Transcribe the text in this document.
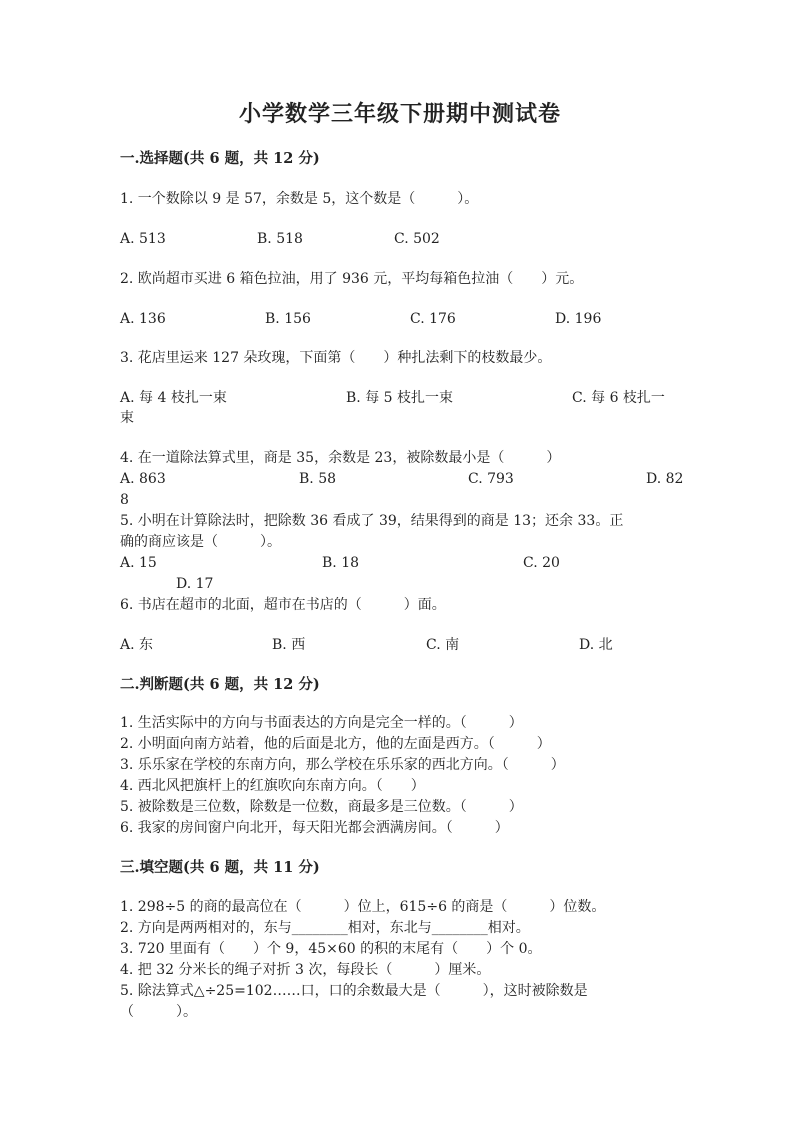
小学数学三年级下册期中测试卷
一.选择题(共 6 题，共 12 分)
1. 一个数除以 9 是 57，余数是 5，这个数是（　　　）。
A. 513	B. 518	C. 502
2. 欧尚超市买进 6 箱色拉油，用了 936 元，平均每箱色拉油（　　）元。
A. 136	B. 156	C. 176	D. 196
3. 花店里运来 127 朵玫瑰，下面第（　　）种扎法剩下的枝数最少。
A. 每 4 枝扎一束	B. 每 5 枝扎一束	C. 每 6 枝扎一
束
4. 在一道除法算式里，商是 35，余数是 23，被除数最小是（　　　）
A. 863	B. 58	C. 793	D. 82
8
5. 小明在计算除法时，把除数 36 看成了 39，结果得到的商是 13；还余 33。正
确的商应该是（　　　）。
A. 15	B. 18	C. 20
D. 17
6. 书店在超市的北面，超市在书店的（　　　）面。
A. 东	B. 西	C. 南	D. 北
二.判断题(共 6 题，共 12 分)
1. 生活实际中的方向与书面表达的方向是完全一样的。（　　　）
2. 小明面向南方站着，他的后面是北方，他的左面是西方。（　　　）
3. 乐乐家在学校的东南方向，那么学校在乐乐家的西北方向。（　　　）
4. 西北风把旗杆上的红旗吹向东南方向。（　　）
5. 被除数是三位数，除数是一位数，商最多是三位数。（　　　）
6. 我家的房间窗户向北开，每天阳光都会洒满房间。（　　　）
三.填空题(共 6 题，共 11 分)
1. 298÷5 的商的最高位在（　　　）位上，615÷6 的商是（　　　）位数。
2. 方向是两两相对的，东与________相对，东北与________相对。
3. 720 里面有（　　）个 9，45×60 的积的末尾有（　　）个 0。
4. 把 32 分米长的绳子对折 3 次，每段长（　　　）厘米。
5. 除法算式△÷25=102……口，口的余数最大是（　　　），这时被除数是
（　　　）。
